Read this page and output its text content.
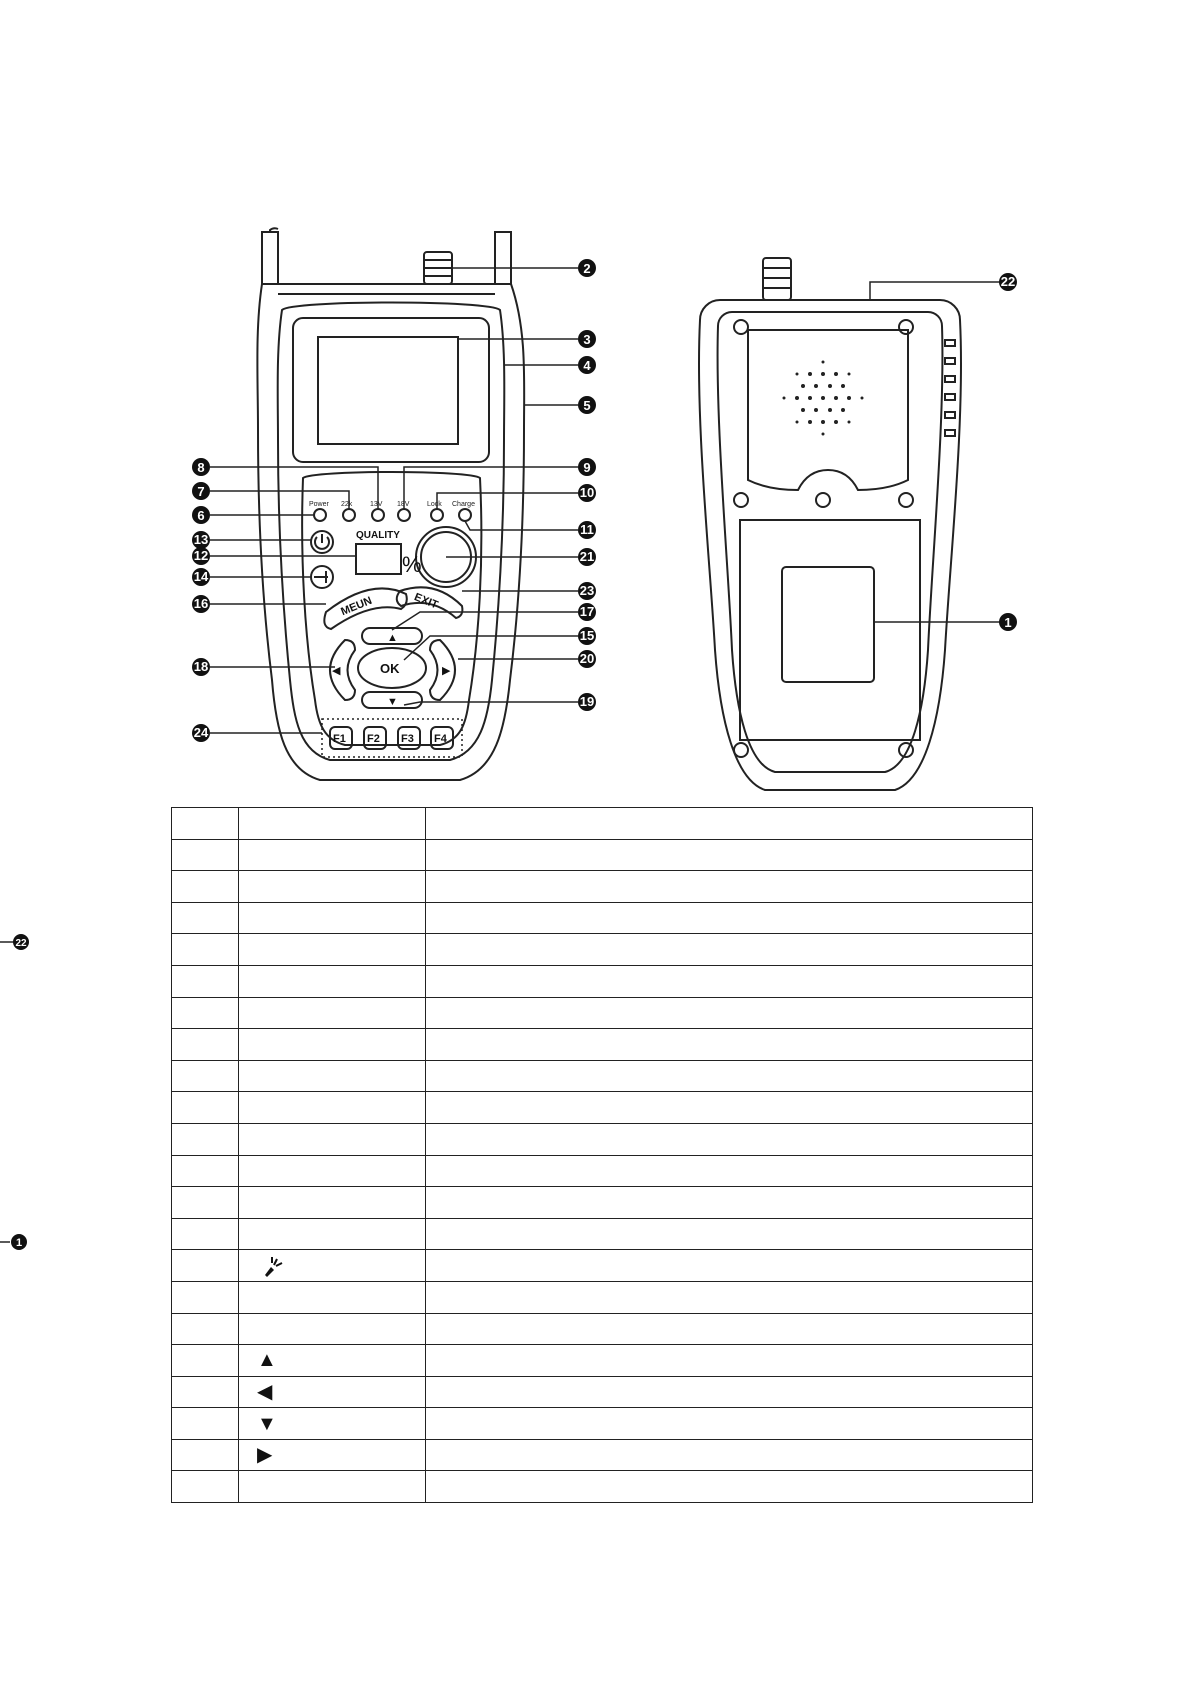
Power 22k	13V 18V	Lock Charge
QUALITY
%
MEUN	EXIT
OK
▲
▼
◀	▶
F1 F2 F3 F4
2
3
4
5
8	9
7	10
6
11
13
12	21
14
23
16
17
15
20
18
19
24
22
1
22
1

	▲	
	◀	
	▼	
	▶	
